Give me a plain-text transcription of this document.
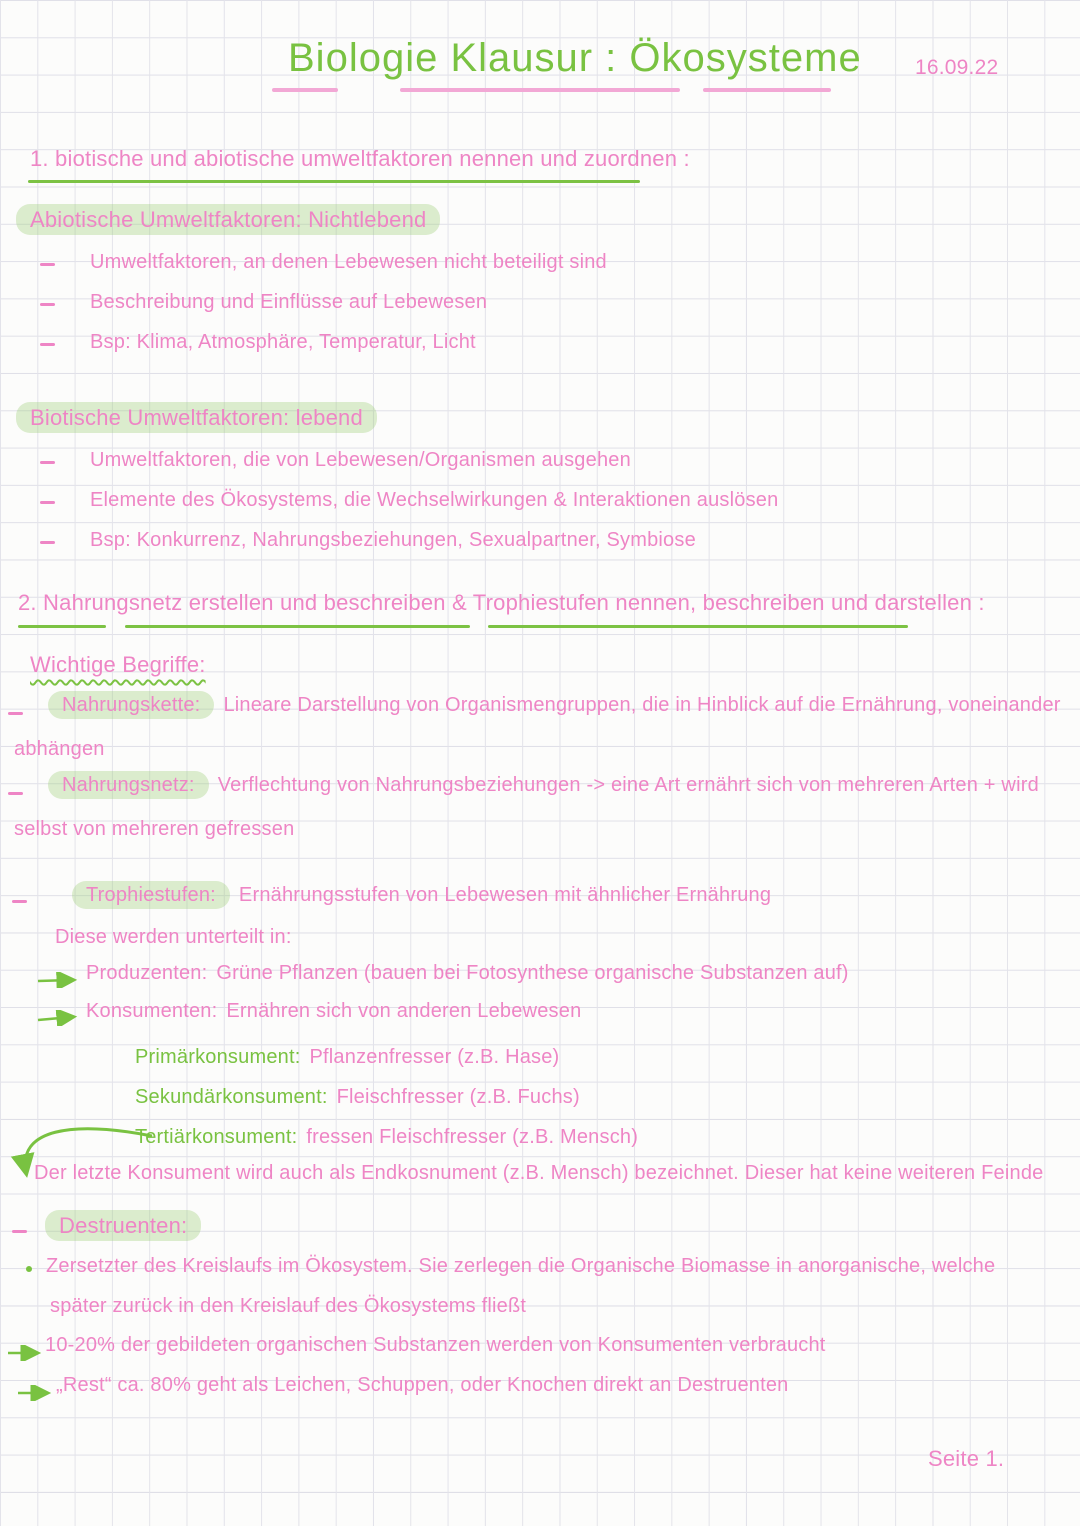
Biologie Klausur : Ökosysteme	16.09.22
1. biotische und abiotische umweltfaktoren nennen und zuordnen :
Abiotische Umweltfaktoren: Nichtlebend
Umweltfaktoren, an denen Lebewesen nicht beteiligt sind
Beschreibung und Einflüsse auf Lebewesen
Bsp: Klima, Atmosphäre, Temperatur, Licht
Biotische Umweltfaktoren: lebend
Umweltfaktoren, die von Lebewesen/Organismen ausgehen
Elemente des Ökosystems, die Wechselwirkungen & Interaktionen auslösen
Bsp: Konkurrenz, Nahrungsbeziehungen, Sexualpartner, Symbiose
2. Nahrungsnetz erstellen und beschreiben & Trophiestufen nennen, beschreiben und darstellen :
Wichtige Begriffe:
Nahrungskette: Lineare Darstellung von Organismengruppen, die in Hinblick auf die Ernährung, voneinander
abhängen
Nahrungsnetz: Verflechtung von Nahrungsbeziehungen -> eine Art ernährt sich von mehreren Arten + wird
selbst von mehreren gefressen
Trophiestufen: Ernährungsstufen von Lebewesen mit ähnlicher Ernährung
Diese werden unterteilt in:
Produzenten: Grüne Pflanzen (bauen bei Fotosynthese organische Substanzen auf)
Konsumenten: Ernähren sich von anderen Lebewesen
Primärkonsument: Pflanzenfresser (z.B. Hase)
Sekundärkonsument: Fleischfresser (z.B. Fuchs)
Tertiärkonsument: fressen Fleischfresser (z.B. Mensch)
Der letzte Konsument wird auch als Endkosnument (z.B. Mensch) bezeichnet. Dieser hat keine weiteren Feinde
Destruenten:
Zersetzter des Kreislaufs im Ökosystem. Sie zerlegen die Organische Biomasse in anorganische, welche
später zurück in den Kreislauf des Ökosystems fließt
10-20% der gebildeten organischen Substanzen werden von Konsumenten verbraucht
„Rest“ ca. 80% geht als Leichen, Schuppen, oder Knochen direkt an Destruenten
Seite 1.
